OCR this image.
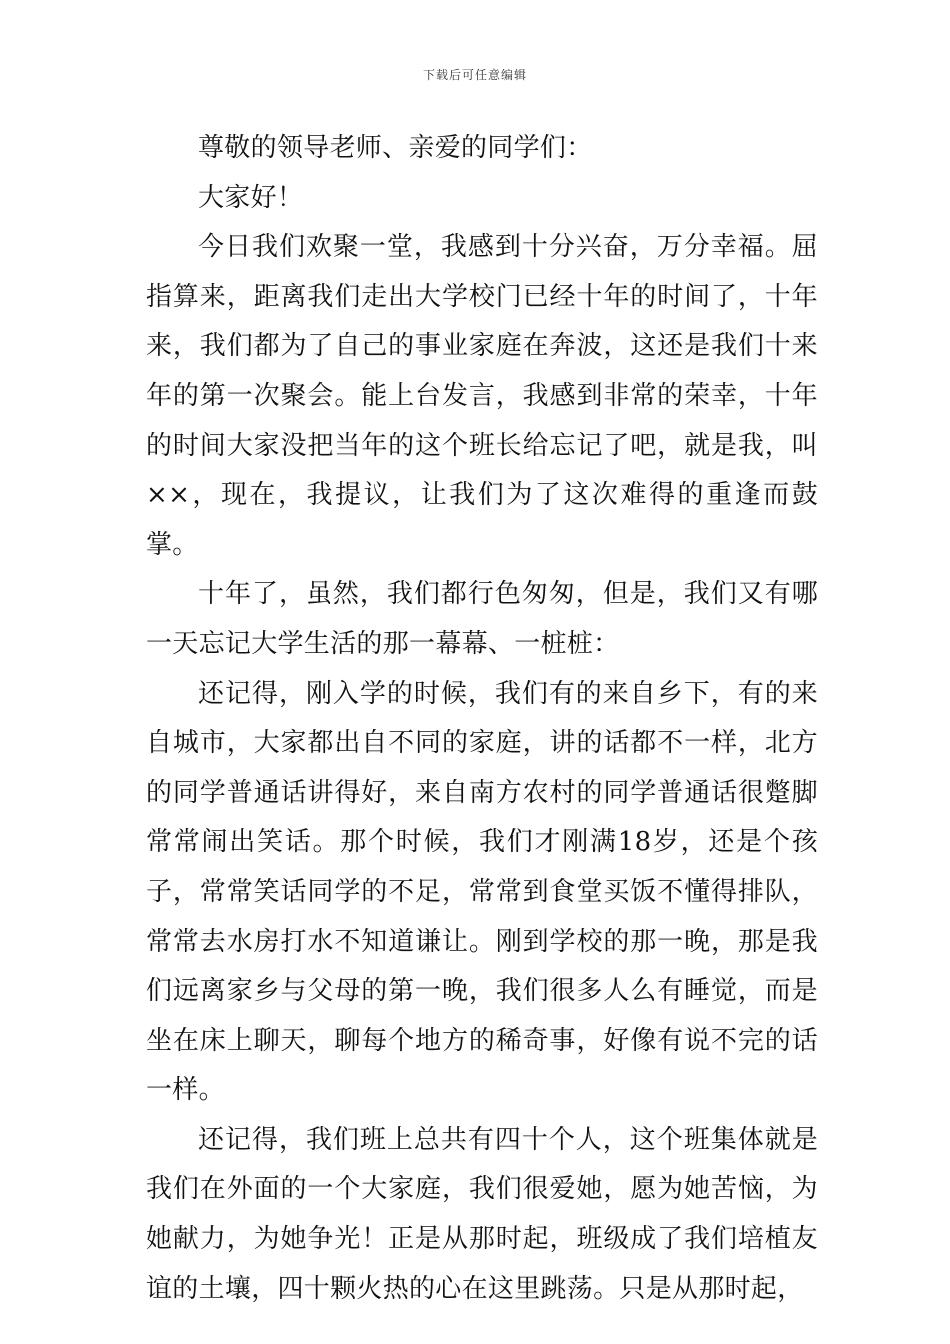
下载后可任意编辑

尊敬的领导老师、亲爱的同学们：

大家好！

今日我们欢聚一堂，我感到十分兴奋，万分幸福。屈指算来，距离我们走出大学校门已经十年的时间了，十年来，我们都为了自己的事业家庭在奔波，这还是我们十来年的第一次聚会。能上台发言，我感到非常的荣幸，十年的时间大家没把当年的这个班长给忘记了吧，就是我，叫××，现在，我提议，让我们为了这次难得的重逢而鼓掌。

十年了，虽然，我们都行色匆匆，但是，我们又有哪一天忘记大学生活的那一幕幕、一桩桩：

还记得，刚入学的时候，我们有的来自乡下，有的来自城市，大家都出自不同的家庭，讲的话都不一样，北方的同学普通话讲得好，来自南方农村的同学普通话很蹩脚常常闹出笑话。那个时候，我们才刚满18岁，还是个孩子，常常笑话同学的不足，常常到食堂买饭不懂得排队，常常去水房打水不知道谦让。刚到学校的那一晚，那是我们远离家乡与父母的第一晚，我们很多人么有睡觉，而是坐在床上聊天，聊每个地方的稀奇事，好像有说不完的话一样。

还记得，我们班上总共有四十个人，这个班集体就是我们在外面的一个大家庭，我们很爱她，愿为她苦恼，为她献力，为她争光！正是从那时起，班级成了我们培植友谊的土壤，四十颗火热的心在这里跳荡。只是从那时起，
